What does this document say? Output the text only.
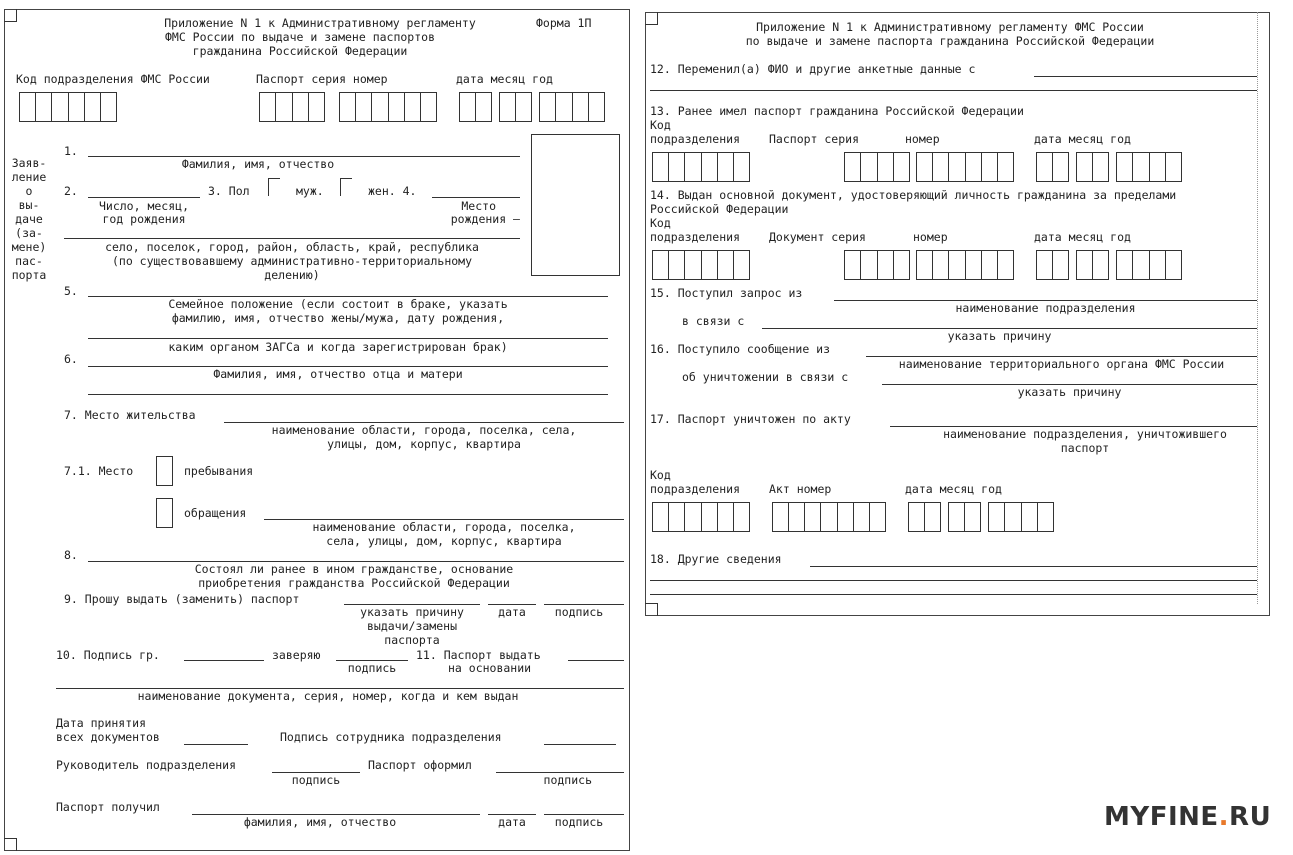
Приложение N 1 к Административному регламенту
ФМС России по выдаче и замене паспортов
гражданина Российской Федерации
Форма 1П
Код подразделения ФМС России	Паспорт серия номер	дата месяц год
Заяв-
ление
о
вы-
даче
(за-
мене)
пас-
порта
1.
Фамилия, имя, отчество
2.
Число, месяц,
год рождения
3. Пол	муж.	жен. 4.
Место
рождения –
село, поселок, город, район, область, край, республика
(по существовавшему административно-территориальному
делению)
5.
Семейное положение (если состоит в браке, указать
фамилию, имя, отчество жены/мужа, дату рождения,
каким органом ЗАГСа и когда зарегистрирован брак)
6.
Фамилия, имя, отчество отца и матери
7. Место жительства
наименование области, города, поселка, села,
улицы, дом, корпус, квартира
7.1. Место	пребывания
обращения
наименование области, города, поселка,
села, улицы, дом, корпус, квартира
8.
Состоял ли ранее в ином гражданстве, основание
приобретения гражданства Российской Федерации
9. Прошу выдать (заменить) паспорт
указать причину
выдачи/замены
паспорта
дата	подпись
10. Подпись гр.	заверяю
подпись
11. Паспорт выдать
на основании
наименование документа, серия, номер, когда и кем выдан
Дата принятия
всех документов	Подпись сотрудника подразделения
Руководитель подразделения
подпись
Паспорт оформил
подпись
Паспорт получил
фамилия, имя, отчество	дата	подпись
Приложение N 1 к Административному регламенту ФМС России
по выдаче и замене паспорта гражданина Российской Федерации
12. Переменил(а) ФИО и другие анкетные данные с
13. Ранее имел паспорт гражданина Российской Федерации
Код
подразделения	Паспорт серия	номер	дата месяц год
14. Выдан основной документ, удостоверяющий личность гражданина за пределами
Российской Федерации
Код
подразделения	Документ серия	номер	дата месяц год
15. Поступил запрос из
наименование подразделения
в связи с
указать причину
16. Поступило сообщение из
наименование территориального органа ФМС России
об уничтожении в связи с
указать причину
17. Паспорт уничтожен по акту
наименование подразделения, уничтожившего
паспорт
Код
подразделения	Акт номер	дата месяц год
18. Другие сведения
MYFINE.RU
